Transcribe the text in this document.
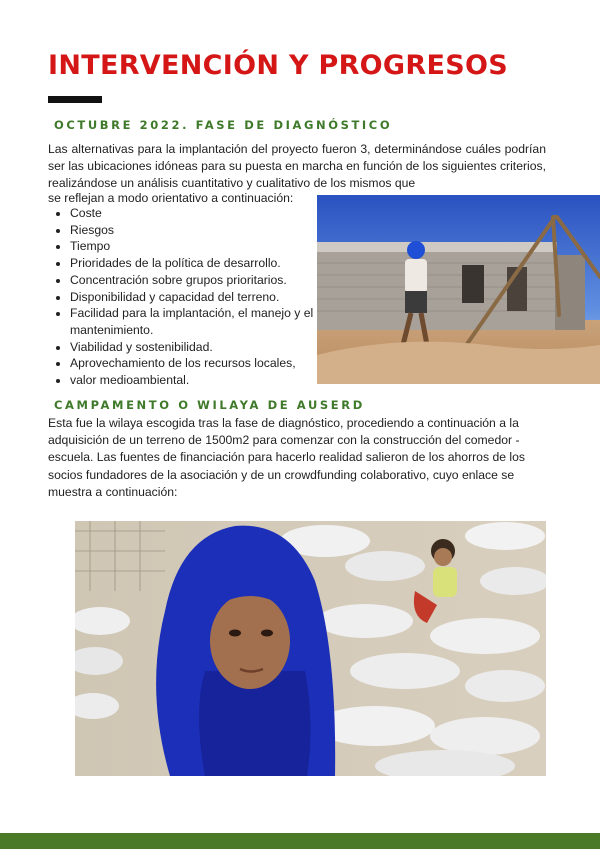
INTERVENCIÓN Y PROGRESOS
OCTUBRE 2022. FASE DE DIAGNÓSTICO

Las alternativas para la implantación del proyecto fueron 3, determinándose cuáles podrían ser las ubicaciones idóneas para su puesta en marcha en función de los siguientes criterios, realizándose un análisis cuantitativo y cualitativo de los mismos que

se reflejan a modo orientativo a continuación:

• Coste
• Riesgos
• Tiempo
• Prioridades de la política de desarrollo.
• Concentración sobre grupos prioritarios.
• Disponibilidad y capacidad del terreno.
• Facilidad para la implantación, el manejo y el mantenimiento.
• Viabilidad y sostenibilidad.
• Aprovechamiento de los recursos locales,
• valor medioambiental.
CAMPAMENTO O WILAYA DE AUSERD

Esta fue la wilaya escogida tras la fase de diagnóstico, procediendo a continuación a la adquisición de un terreno de 1500m2 para comenzar con la construcción del comedor - escuela. Las fuentes de financiación para hacerlo realidad salieron de los ahorros de los socios fundadores de la asociación y de un crowdfunding colaborativo, cuyo enlace se muestra a continuación:
